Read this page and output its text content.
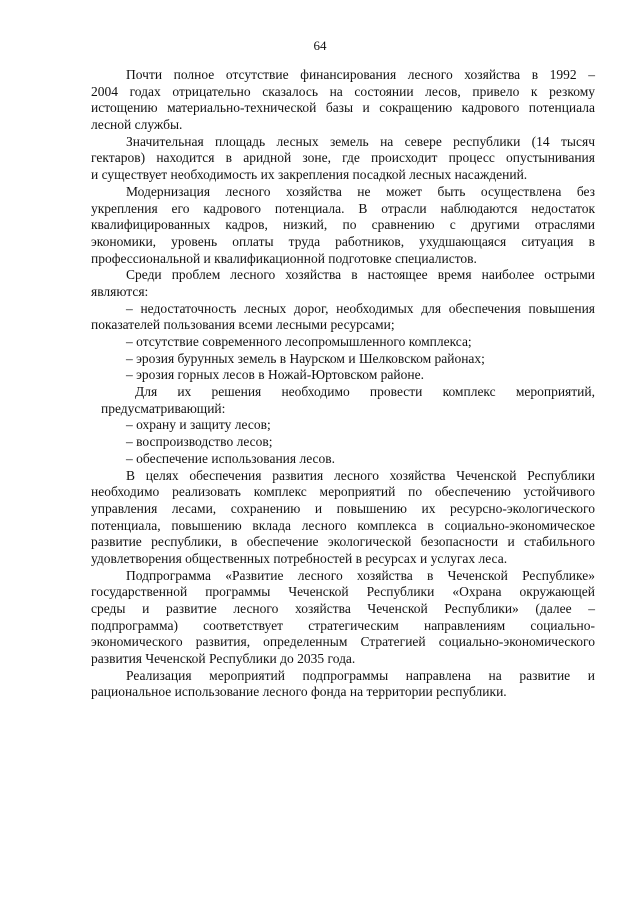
64
Почти полное отсутствие финансирования лесного хозяйства в 1992 –
2004 годах отрицательно сказалось на состоянии лесов, привело к резкому
истощению материально-технической базы и сокращению кадрового потенциала
лесной службы.
Значительная площадь лесных земель на севере республики (14 тысяч
гектаров) находится в аридной зоне, где происходит процесс опустынивания
и существует необходимость их закрепления посадкой лесных насаждений.
Модернизация лесного хозяйства не может быть осуществлена без
укрепления его кадрового потенциала. В отрасли наблюдаются недостаток
квалифицированных кадров, низкий, по сравнению с другими отраслями
экономики, уровень оплаты труда работников, ухудшающаяся ситуация в
профессиональной и квалификационной подготовке специалистов.
Среди проблем лесного хозяйства в настоящее время наиболее острыми
являются:
– недостаточность лесных дорог, необходимых для обеспечения повышения
показателей пользования всеми лесными ресурсами;
– отсутствие современного лесопромышленного комплекса;
– эрозия бурунных земель в Наурском и Шелковском районах;
– эрозия горных лесов в Ножай-Юртовском районе.
Для их решения необходимо провести комплекс мероприятий,
предусматривающий:
– охрану и защиту лесов;
– воспроизводство лесов;
– обеспечение использования лесов.
В целях обеспечения развития лесного хозяйства Чеченской Республики
необходимо реализовать комплекс мероприятий по обеспечению устойчивого
управления лесами, сохранению и повышению их ресурсно-экологического
потенциала, повышению вклада лесного комплекса в социально-экономическое
развитие республики, в обеспечение экологической безопасности и стабильного
удовлетворения общественных потребностей в ресурсах и услугах леса.
Подпрограмма «Развитие лесного хозяйства в Чеченской Республике»
государственной программы Чеченской Республики «Охрана окружающей
среды и развитие лесного хозяйства Чеченской Республики» (далее –
подпрограмма) соответствует стратегическим направлениям социально-
экономического развития, определенным Стратегией социально-экономического
развития Чеченской Республики до 2035 года.
Реализация мероприятий подпрограммы направлена на развитие и
рациональное использование лесного фонда на территории республики.
